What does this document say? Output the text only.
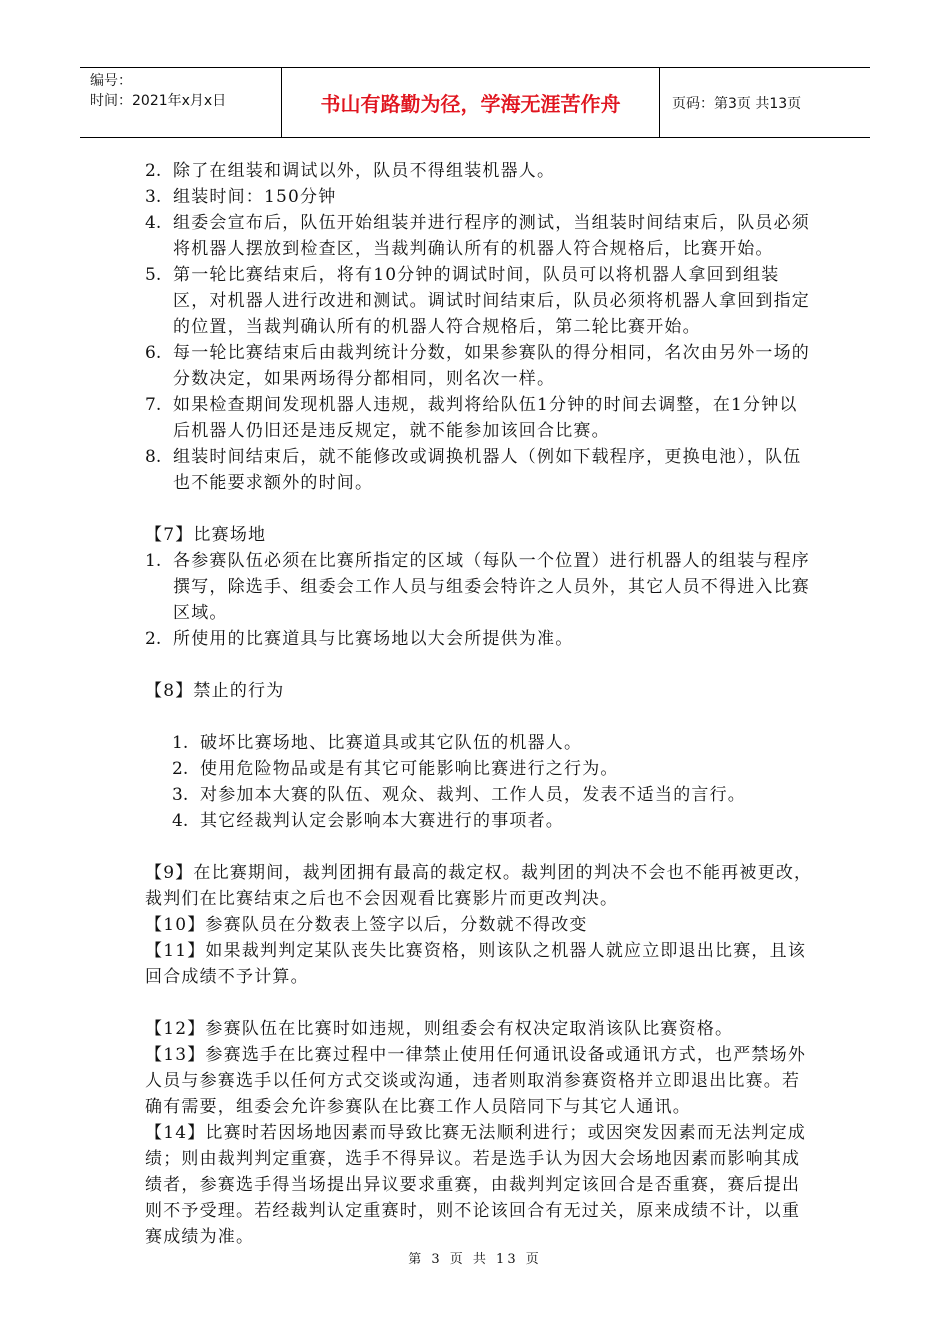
编号：
时间：2021年x月x日	书山有路勤为径，学海无涯苦作舟	页码：第3页 共13页
2. 除了在组装和调试以外，队员不得组装机器人。
3. 组装时间：150分钟
4. 组委会宣布后，队伍开始组装并进行程序的测试，当组装时间结束后，队员必须将机器人摆放到检查区，当裁判确认所有的机器人符合规格后，比赛开始。
5. 第一轮比赛结束后，将有10分钟的调试时间，队员可以将机器人拿回到组装区，对机器人进行改进和测试。调试时间结束后，队员必须将机器人拿回到指定的位置，当裁判确认所有的机器人符合规格后，第二轮比赛开始。
6. 每一轮比赛结束后由裁判统计分数，如果参赛队的得分相同，名次由另外一场的分数决定，如果两场得分都相同，则名次一样。
7. 如果检查期间发现机器人违规，裁判将给队伍1分钟的时间去调整，在1分钟以后机器人仍旧还是违反规定，就不能参加该回合比赛。
8. 组装时间结束后，就不能修改或调换机器人（例如下载程序，更换电池），队伍也不能要求额外的时间。
【7】比赛场地
1. 各参赛队伍必须在比赛所指定的区域（每队一个位置）进行机器人的组装与程序撰写，除选手、组委会工作人员与组委会特许之人员外，其它人员不得进入比赛区域。
2. 所使用的比赛道具与比赛场地以大会所提供为准。
【8】禁止的行为
1. 破坏比赛场地、比赛道具或其它队伍的机器人。
2. 使用危险物品或是有其它可能影响比赛进行之行为。
3. 对参加本大赛的队伍、观众、裁判、工作人员，发表不适当的言行。
4. 其它经裁判认定会影响本大赛进行的事项者。
【9】在比赛期间，裁判团拥有最高的裁定权。裁判团的判决不会也不能再被更改，裁判们在比赛结束之后也不会因观看比赛影片而更改判决。
【10】参赛队员在分数表上签字以后，分数就不得改变
【11】如果裁判判定某队丧失比赛资格，则该队之机器人就应立即退出比赛，且该回合成绩不予计算。
【12】参赛队伍在比赛时如违规，则组委会有权决定取消该队比赛资格。
【13】参赛选手在比赛过程中一律禁止使用任何通讯设备或通讯方式，也严禁场外人员与参赛选手以任何方式交谈或沟通，违者则取消参赛资格并立即退出比赛。若确有需要，组委会允许参赛队在比赛工作人员陪同下与其它人通讯。
【14】比赛时若因场地因素而导致比赛无法顺利进行；或因突发因素而无法判定成绩；则由裁判判定重赛，选手不得异议。若是选手认为因大会场地因素而影响其成绩者，参赛选手得当场提出异议要求重赛，由裁判判定该回合是否重赛，赛后提出则不予受理。若经裁判认定重赛时，则不论该回合有无过关，原来成绩不计，以重赛成绩为准。
第 3 页 共 13 页
